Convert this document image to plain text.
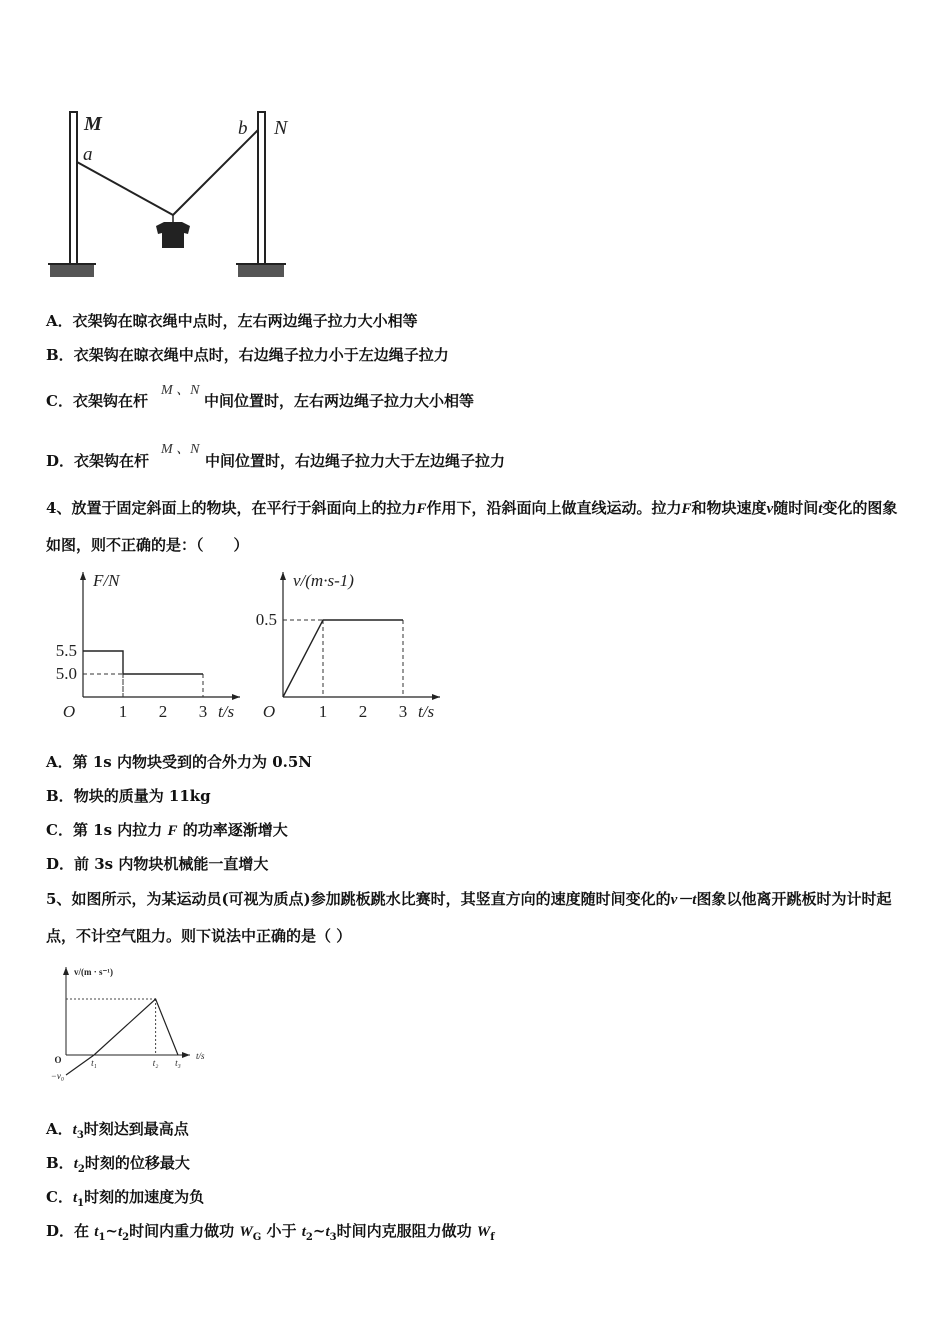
M
a
b N
A．衣架钩在晾衣绳中点时，左右两边绳子拉力大小相等
B．衣架钩在晾衣绳中点时，右边绳子拉力小于左边绳子拉力
C．衣架钩在杆	中间位置时，左右两边绳子拉力大小相等
M 、N
D．衣架钩在杆	中间位置时，右边绳子拉力大于左边绳子拉力
M 、N
4、放置于固定斜面上的物块，在平行于斜面向上的拉力F作用下，沿斜面向上做直线运动。拉力F和物块速度v随时间t变化的图象如图，则不正确的是：（　　）
1 2 3
5.5
5.0
O	t/s
F/N
1 2 3
0.5
O	t/s
v/(m·s-1)
A．第 1s 内物块受到的合外力为 0.5N
B．物块的质量为 11kg
C．第 1s 内拉力 F 的功率逐渐增大
D．前 3s 内物块机械能一直增大
5、如图所示，为某运动员(可视为质点)参加跳板跳水比赛时，其竖直方向的速度随时间变化的v－t图象以他离开跳板时为计时起点，不计空气阻力。则下说法中正确的是（ ）
t₁	t₂ t₃
O
−v₀
t/s
v/(m · s⁻¹)
A．$t_3$时刻达到最高点
B．$t_2$时刻的位移最大
C．$t_1$时刻的加速度为负
D．在 $t_1\sim t_2$时间内重力做功 $W_G$ 小于 $t_2\sim t_3$时间内克服阻力做功 $W_f$
